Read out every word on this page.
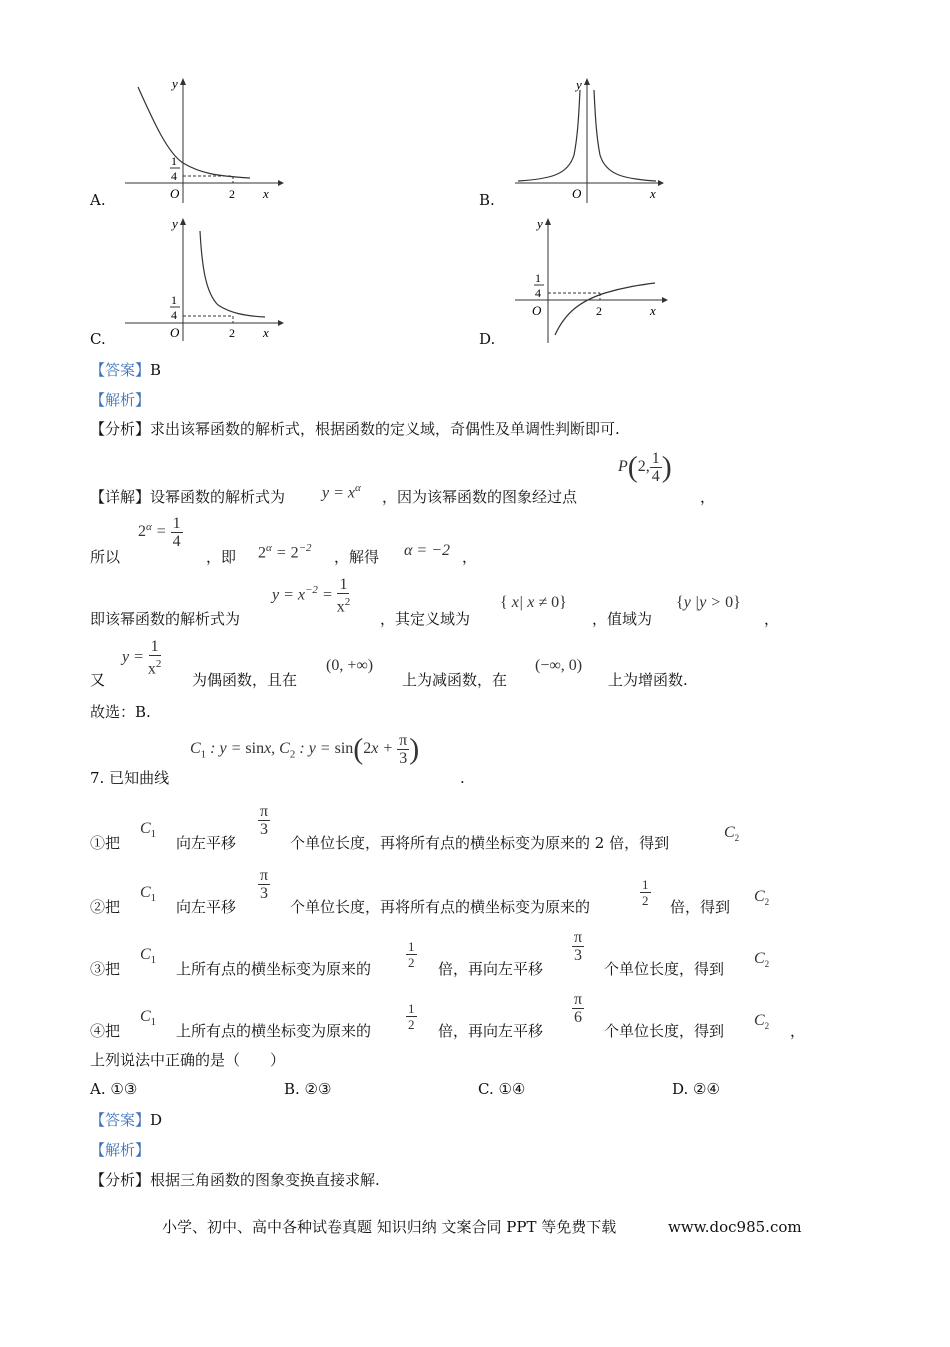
y
x
O
1
4
2
A.
y
x
O
B.
y
x
O
1
4
2
C.
y
x
O
1
4
2
D.
【答案】B
【解析】
【分析】求出该幂函数的解析式，根据函数的定义域，奇偶性及单调性判断即可.
【详解】设幂函数的解析式为 $y = x^\alpha$ ，因为该幂函数的图象经过点
P(2, $\frac{1}{4}$ )
，
所以
$2^\alpha = \frac{1}{4}$
，即 $2^\alpha = 2^{-2}$ ，解得 α = −2 ，
即该幂函数的解析式为
$y = x^{-2} = \frac{1}{x^2}$
，其定义域为
{ x| x ≠ 0}
，值域为
{y |y > 0}
，
又
$y = \frac{1}{x^2}$
为偶函数，且在
(0, +∞)
上为减函数，在
(−∞, 0)
上为增函数.
故选：B.
7. 已知曲线
$C_1$ : y = sinx, $C_2$ : $y = \sin(2x + \frac{\pi}{3}$ )
.
①把
$C_1$ 向左平移
$\frac{\pi}{3}$
个单位长度，再将所有点的横坐标变为原来的 2 倍，得到
$C_2$
②把
$C_1$ 向左平移
$\frac{\pi}{3}$
个单位长度，再将所有点的横坐标变为原来的	$\frac{1}{2}$ 倍，得到
$C_2$
③把
$C_1$ 上所有点的横坐标变为原来的	$\frac{1}{2}$ 倍，再向左平移
$\frac{\pi}{3}$
个单位长度，得到
$C_2$
④把
$C_1$ 上所有点的横坐标变为原来的	$\frac{1}{2}$ 倍，再向左平移
$\frac{\pi}{6}$
个单位长度，得到
$C_2$ ，
上列说法中正确的是（　　）
A. ①③	B. ②③	C. ①④	D. ②④
【答案】D
【解析】
【分析】根据三角函数的图象变换直接求解.
小学、初中、高中各种试卷真题 知识归纳 文案合同 PPT 等免费下载	www.doc985.com
